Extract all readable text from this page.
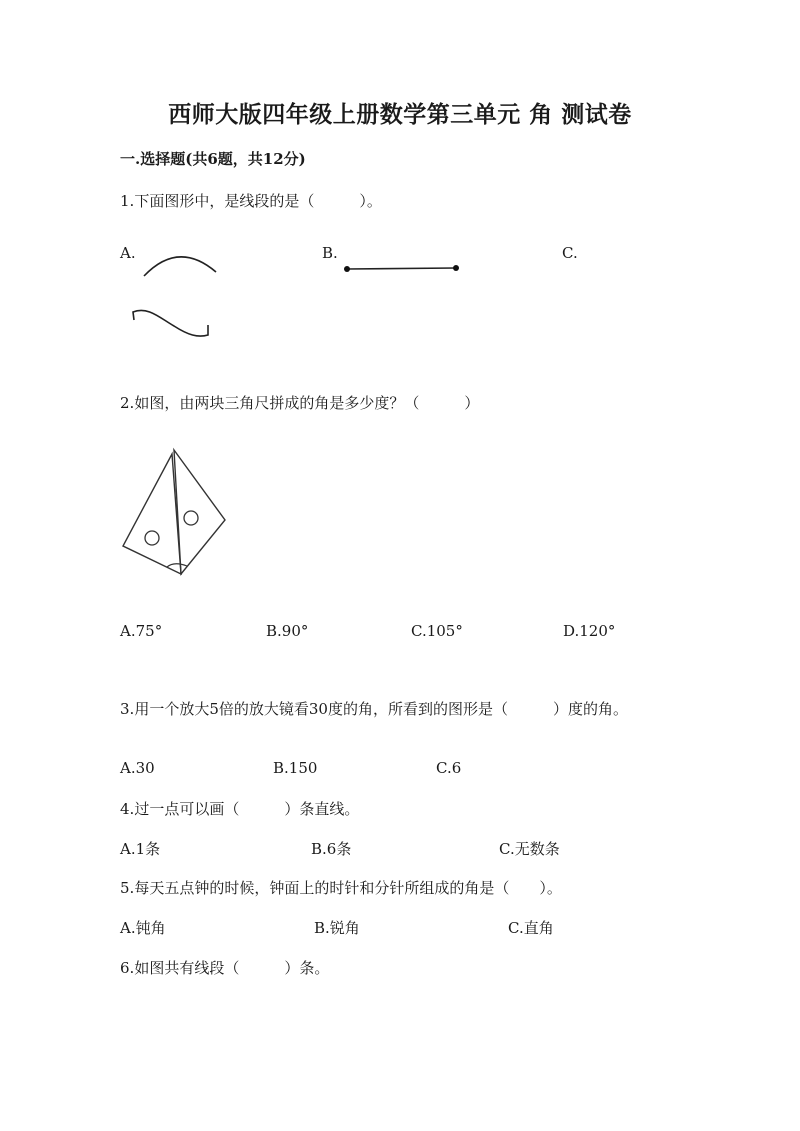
西师大版四年级上册数学第三单元 角 测试卷
一.选择题(共6题，共12分)
1.下面图形中，是线段的是（　　　）。
A.	B.	C.
2.如图，由两块三角尺拼成的角是多少度？（　　　）
A.75°	B.90°	C.105°	D.120°
3.用一个放大5倍的放大镜看30度的角，所看到的图形是（　　　）度的角。
A.30	B.150	C.6
4.过一点可以画（　　　）条直线。
A.1条	B.6条	C.无数条
5.每天五点钟的时候，钟面上的时针和分针所组成的角是（　　）。
A.钝角	B.锐角	C.直角
6.如图共有线段（　　　）条。
